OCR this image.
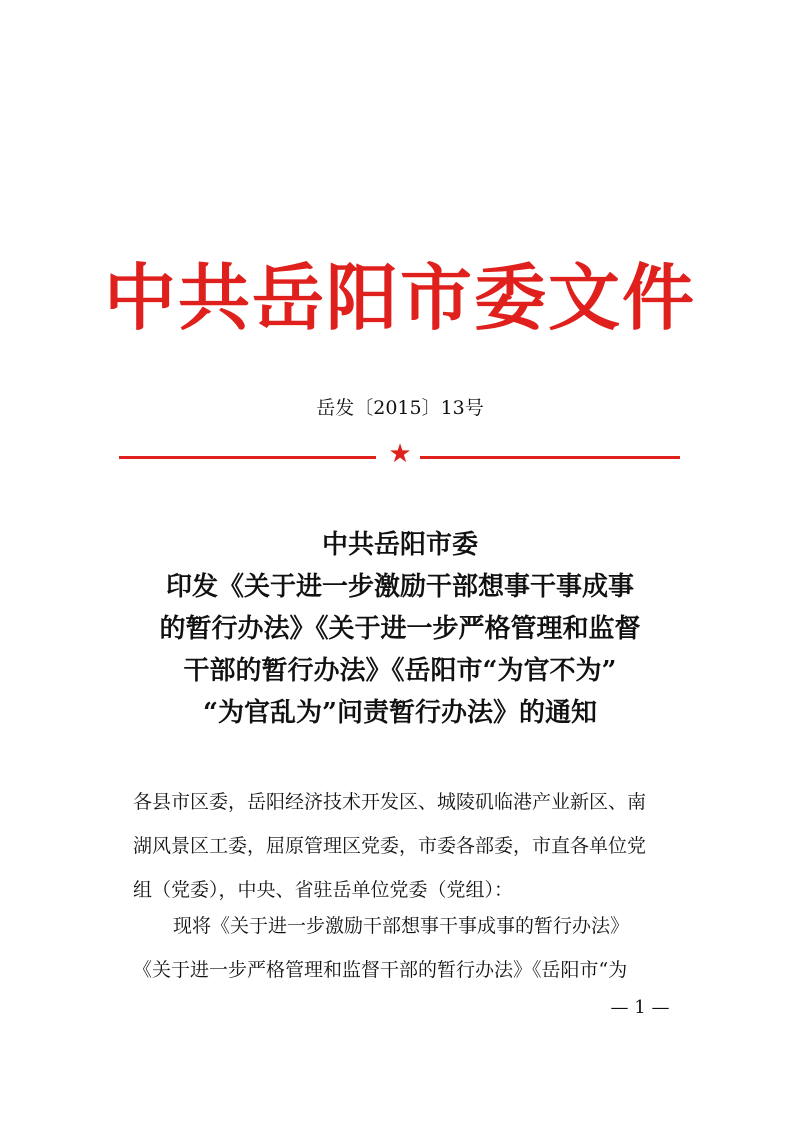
中共岳阳市委文件
岳发〔2015〕13号
★
中共岳阳市委
印发《关于进一步激励干部想事干事成事
的暂行办法》《关于进一步严格管理和监督
干部的暂行办法》《岳阳市“为官不为”
“为官乱为”问责暂行办法》的通知
各县市区委，岳阳经济技术开发区、城陵矶临港产业新区、南
湖风景区工委，屈原管理区党委，市委各部委，市直各单位党
组（党委），中央、省驻岳单位党委（党组）：
现将《关于进一步激励干部想事干事成事的暂行办法》
《关于进一步严格管理和监督干部的暂行办法》《岳阳市“为
— 1 —
